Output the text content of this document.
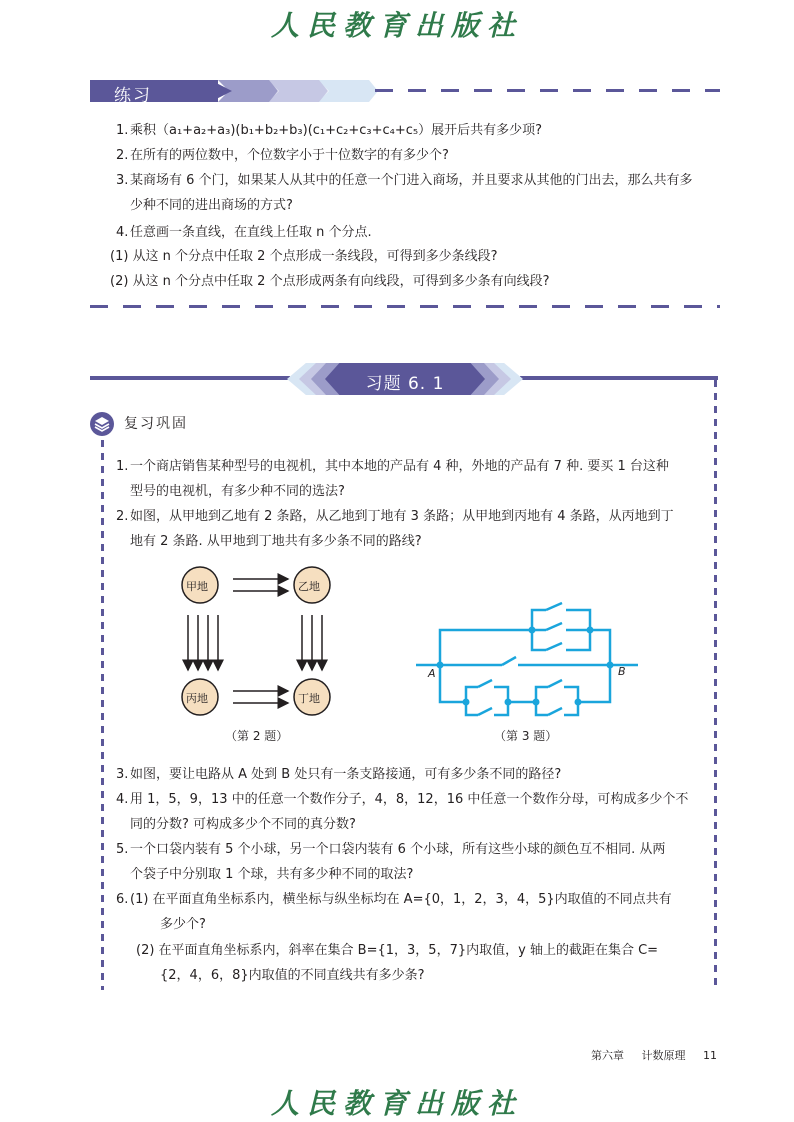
人民教育出版社
练习
1. 乘积（a₁+a₂+a₃)(b₁+b₂+b₃)(c₁+c₂+c₃+c₄+c₅）展开后共有多少项?
2. 在所有的两位数中，个位数字小于十位数字的有多少个?
3. 某商场有 6 个门，如果某人从其中的任意一个门进入商场，并且要求从其他的门出去，那么共有多
少种不同的进出商场的方式?
4. 任意画一条直线，在直线上任取 n 个分点.
(1) 从这 n 个分点中任取 2 个点形成一条线段，可得到多少条线段?
(2) 从这 n 个分点中任取 2 个点形成两条有向线段，可得到多少条有向线段?
习题 6. 1
复习巩固
1. 一个商店销售某种型号的电视机，其中本地的产品有 4 种，外地的产品有 7 种. 要买 1 台这种
型号的电视机，有多少种不同的选法?
2. 如图，从甲地到乙地有 2 条路，从乙地到丁地有 3 条路；从甲地到丙地有 4 条路，从丙地到丁
地有 2 条路. 从甲地到丁地共有多少条不同的路线?
甲地	乙地
丙地	丁地
（第 2 题）
A	B
（第 3 题）
3. 如图，要让电路从 A 处到 B 处只有一条支路接通，可有多少条不同的路径?
4. 用 1，5，9，13 中的任意一个数作分子，4，8，12，16 中任意一个数作分母，可构成多少个不
同的分数? 可构成多少个不同的真分数?
5. 一个口袋内装有 5 个小球，另一个口袋内装有 6 个小球，所有这些小球的颜色互不相同. 从两
个袋子中分别取 1 个球，共有多少种不同的取法?
6. (1) 在平面直角坐标系内，横坐标与纵坐标均在 A={0，1，2，3，4，5}内取值的不同点共有
多少个?
(2) 在平面直角坐标系内，斜率在集合 B={1，3，5，7}内取值，y 轴上的截距在集合 C=
{2，4，6，8}内取值的不同直线共有多少条?
第六章 计数原理 11
人民教育出版社
